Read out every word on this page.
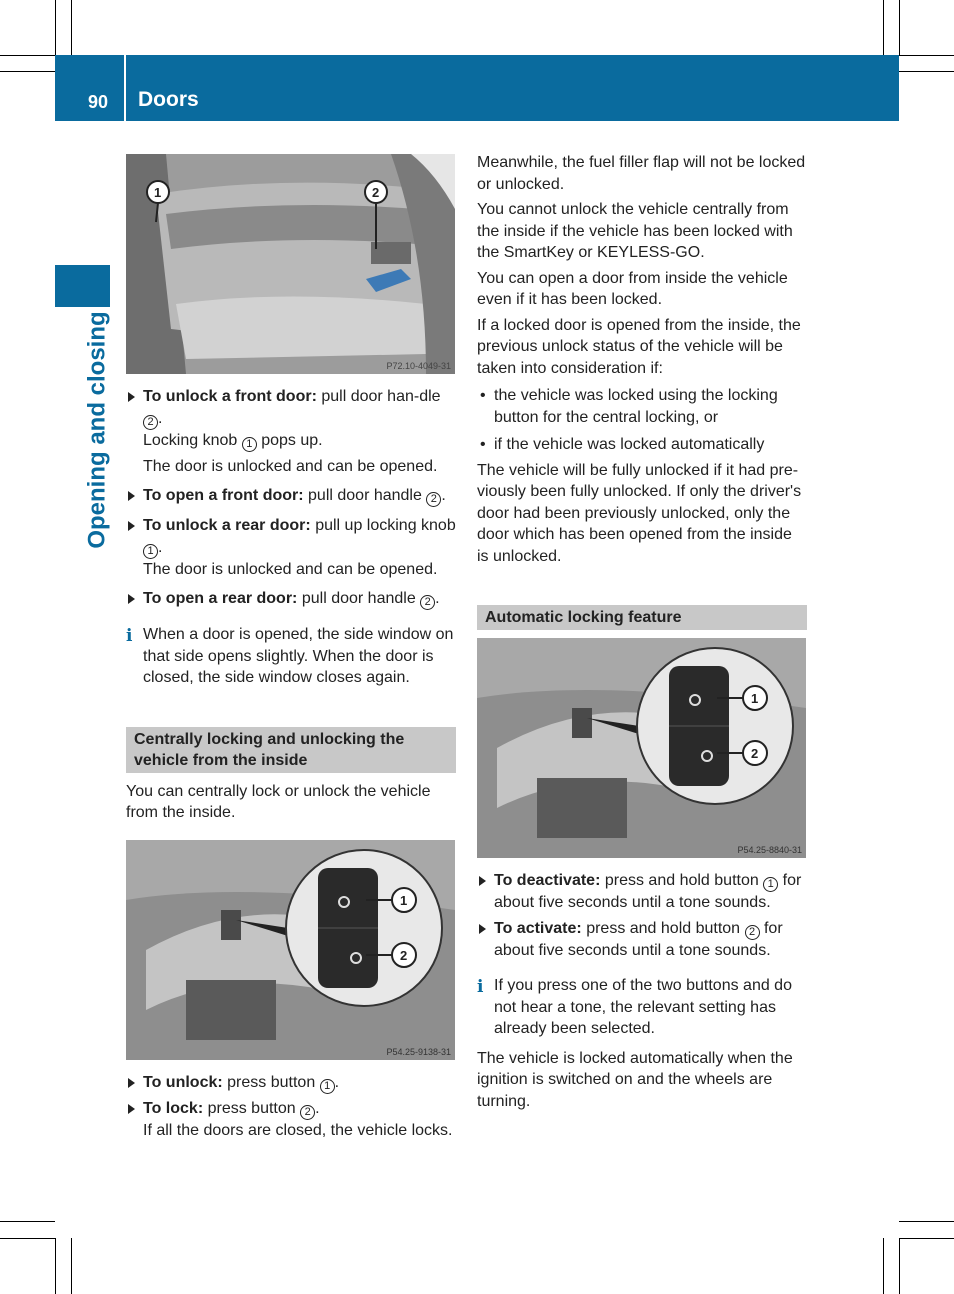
90 Doors
Opening and closing
1	2
P72.10-4049-31
To unlock a front door: pull door han-dle 2 .
Locking knob 1 pops up.
The door is unlocked and can be opened.
To open a front door: pull door handle 2 .
To unlock a rear door: pull up locking knob 1 .
The door is unlocked and can be opened.
To open a rear door: pull door handle 2 .
i When a door is opened, the side window on that side opens slightly. When the door is closed, the side window closes again.
Centrally locking and unlocking the vehicle from the inside

You can centrally lock or unlock the vehicle from the inside.

1
2
P54.25-9138-31
To unlock: press button 1 .
To lock: press button 2 .
If all the doors are closed, the vehicle locks.

Meanwhile, the fuel filler flap will not be locked or unlocked.

You cannot unlock the vehicle centrally from the inside if the vehicle has been locked with the SmartKey or KEYLESS-GO.

You can open a door from inside the vehicle even if it has been locked.

If a locked door is opened from the inside, the previous unlock status of the vehicle will be taken into consideration if:

• the vehicle was locked using the locking button for the central locking, or
• if the vehicle was locked automatically

The vehicle will be fully unlocked if it had pre-viously been fully unlocked. If only the driver's door had been previously unlocked, only the door which has been opened from the inside is unlocked.

Automatic locking feature
1
2
P54.25-8840-31
To deactivate: press and hold button 1 for about five seconds until a tone sounds.
To activate: press and hold button 2 for about five seconds until a tone sounds.
i If you press one of the two buttons and do not hear a tone, the relevant setting has already been selected.

The vehicle is locked automatically when the ignition is switched on and the wheels are turning.
